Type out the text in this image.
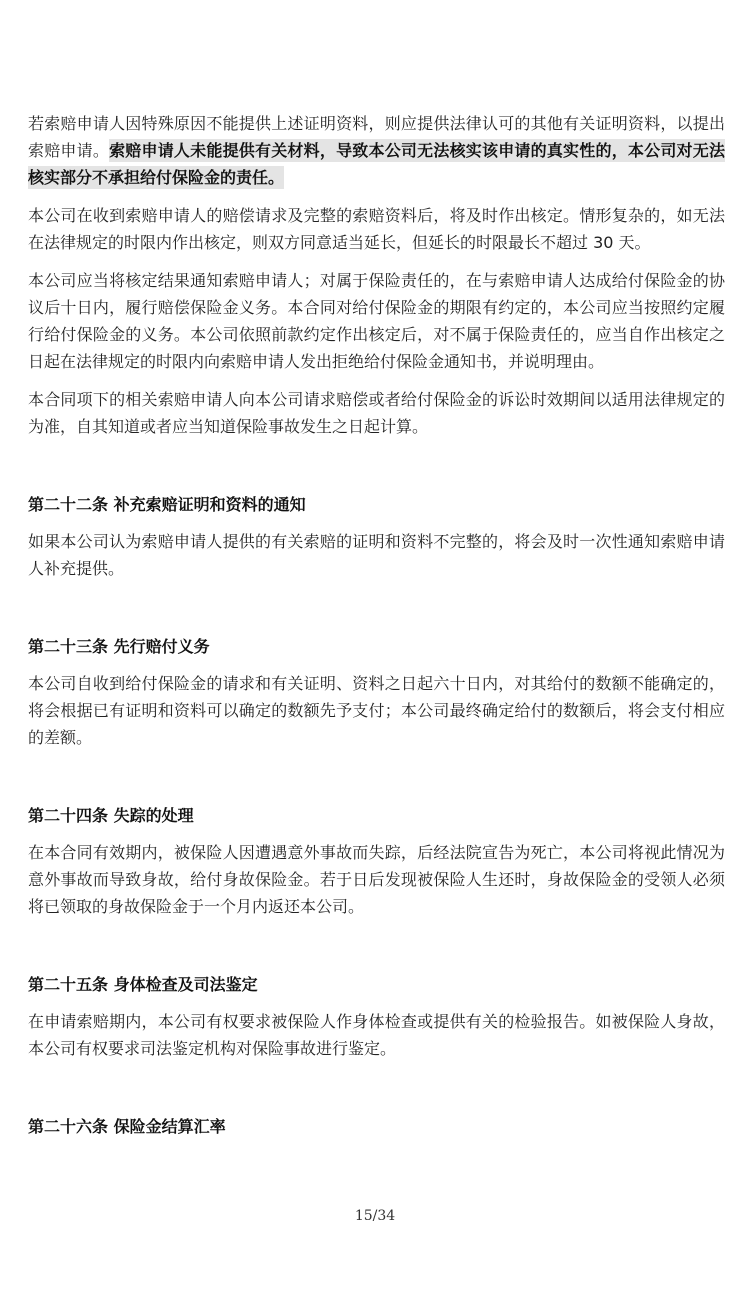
若索赔申请人因特殊原因不能提供上述证明资料，则应提供法律认可的其他有关证明资料，以提出索赔申请。索赔申请人未能提供有关材料，导致本公司无法核实该申请的真实性的，本公司对无法核实部分不承担给付保险金的责任。

本公司在收到索赔申请人的赔偿请求及完整的索赔资料后，将及时作出核定。情形复杂的，如无法在法律规定的时限内作出核定，则双方同意适当延长，但延长的时限最长不超过 30 天。

本公司应当将核定结果通知索赔申请人；对属于保险责任的，在与索赔申请人达成给付保险金的协议后十日内，履行赔偿保险金义务。本合同对给付保险金的期限有约定的，本公司应当按照约定履行给付保险金的义务。本公司依照前款约定作出核定后，对不属于保险责任的，应当自作出核定之日起在法律规定的时限内向索赔申请人发出拒绝给付保险金通知书，并说明理由。

本合同项下的相关索赔申请人向本公司请求赔偿或者给付保险金的诉讼时效期间以适用法律规定的为准，自其知道或者应当知道保险事故发生之日起计算。

第二十二条 补充索赔证明和资料的通知

如果本公司认为索赔申请人提供的有关索赔的证明和资料不完整的，将会及时一次性通知索赔申请人补充提供。

第二十三条 先行赔付义务

本公司自收到给付保险金的请求和有关证明、资料之日起六十日内，对其给付的数额不能确定的，将会根据已有证明和资料可以确定的数额先予支付；本公司最终确定给付的数额后，将会支付相应的差额。

第二十四条 失踪的处理

在本合同有效期内，被保险人因遭遇意外事故而失踪，后经法院宣告为死亡，本公司将视此情况为意外事故而导致身故，给付身故保险金。若于日后发现被保险人生还时，身故保险金的受领人必须将已领取的身故保险金于一个月内返还本公司。

第二十五条 身体检查及司法鉴定

在申请索赔期内，本公司有权要求被保险人作身体检查或提供有关的检验报告。如被保险人身故，本公司有权要求司法鉴定机构对保险事故进行鉴定。

第二十六条 保险金结算汇率
15/34
